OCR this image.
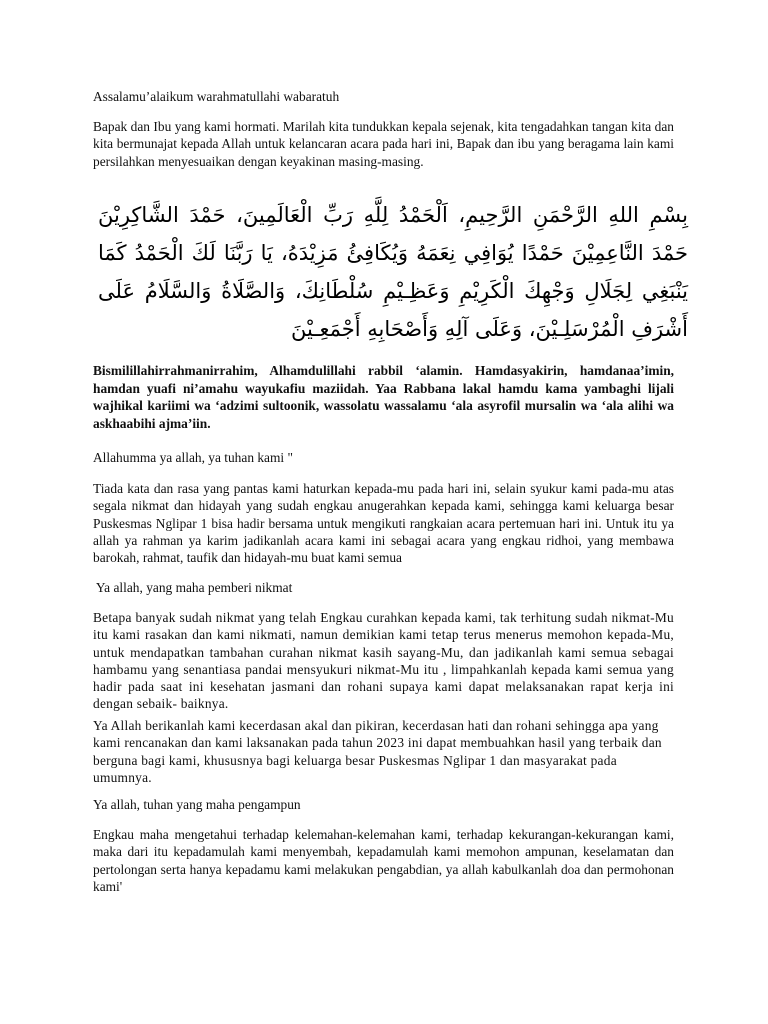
Assalamu’alaikum warahmatullahi wabaratuh

Bapak dan Ibu yang kami hormati. Marilah kita tundukkan kepala sejenak, kita tengadahkan tangan kita dan kita bermunajat kepada Allah untuk kelancaran acara pada hari ini, Bapak dan ibu yang beragama lain kami persilahkan menyesuaikan dengan keyakinan masing-masing.

بِسْمِ اللهِ الرَّحْمَنِ الرَّحِيمِ، اَلْحَمْدُ لِلَّهِ رَبِّ الْعَالَمِينَ، حَمْدَ الشَّاكِرِيْنَ حَمْدَ النَّاعِمِيْنَ حَمْدًا يُوَافِي نِعَمَهُ وَيُكَافِئُ مَزِيْدَهُ، يَا رَبَّنَا لَكَ الْحَمْدُ كَمَا يَنْبَغِي لِجَلَالِ وَجْهِكَ الْكَرِيْمِ وَعَظِـيْمِ سُلْطَانِكَ، وَالصَّلَاةُ وَالسَّلَامُ عَلَى أَشْرَفِ الْمُرْسَلِـيْنَ، وَعَلَى آلِهِ وَأَصْحَابِهِ أَجْمَعِـيْنَ

Bismilillahirrahmanirrahim, Alhamdulillahi rabbil ‘alamin. Hamdasyakirin, hamdanaa’imin, hamdan yuafi ni’amahu wayukafiu maziidah. Yaa Rabbana lakal hamdu kama yambaghi lijali wajhikal kariimi wa ‘adzimi sultoonik, wassolatu wassalamu ‘ala asyrofil mursalin wa ‘ala alihi wa askhaabihi ajma’iin.

Allahumma ya allah, ya tuhan kami "

Tiada kata dan rasa yang pantas kami haturkan kepada-mu pada hari ini, selain syukur kami pada-mu atas segala nikmat dan hidayah yang sudah engkau anugerahkan kepada kami, sehingga kami keluarga besar Puskesmas Nglipar 1 bisa hadir bersama untuk mengikuti rangkaian acara pertemuan hari ini. Untuk itu ya allah ya rahman ya karim jadikanlah acara kami ini sebagai acara yang engkau ridhoi, yang membawa barokah, rahmat, taufik dan hidayah-mu buat kami semua

Ya allah, yang maha pemberi nikmat

Betapa banyak sudah nikmat yang telah Engkau curahkan kepada kami, tak terhitung sudah nikmat-Mu itu kami rasakan dan kami nikmati, namun demikian kami tetap terus menerus memohon kepada-Mu, untuk mendapatkan tambahan curahan nikmat kasih sayang-Mu, dan jadikanlah kami semua sebagai hambamu yang senantiasa pandai mensyukuri nikmat-Mu itu , limpahkanlah kepada kami semua yang hadir pada saat ini kesehatan jasmani dan rohani supaya kami dapat melaksanakan rapat kerja ini dengan sebaik- baiknya.

Ya Allah berikanlah kami kecerdasan akal dan pikiran, kecerdasan hati dan rohani sehingga apa yang kami rencanakan dan kami laksanakan pada tahun 2023 ini dapat membuahkan hasil yang terbaik dan berguna bagi kami, khususnya bagi keluarga besar Puskesmas Nglipar 1 dan masyarakat pada umumnya.

Ya allah, tuhan yang maha pengampun

Engkau maha mengetahui terhadap kelemahan-kelemahan kami, terhadap kekurangan-kekurangan kami, maka dari itu kepadamulah kami menyembah, kepadamulah kami memohon ampunan, keselamatan dan pertolongan serta hanya kepadamu kami melakukan pengabdian, ya allah kabulkanlah doa dan permohonan kami'
